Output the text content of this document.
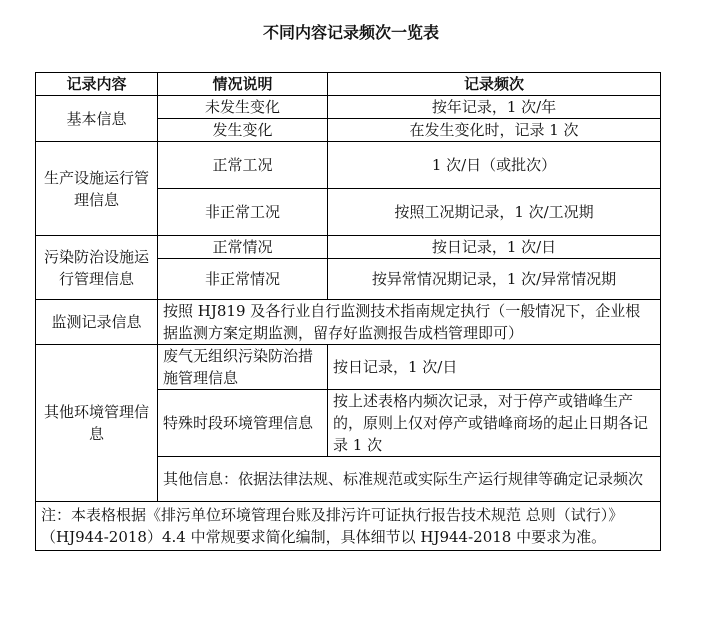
不同内容记录频次一览表
记录内容	情况说明	记录频次
基本信息	未发生变化	按年记录，1 次/年
	发生变化	在发生变化时，记录 1 次
生产设施运行管理信息	正常工况	1 次/日（或批次）
	非正常工况	按照工况期记录，1 次/工况期
污染防治设施运行管理信息	正常情况	按日记录，1 次/日
	非正常情况	按异常情况期记录，1 次/异常情况期
监测记录信息	按照 HJ819 及各行业自行监测技术指南规定执行（一般情况下，企业根据监测方案定期监测，留存好监测报告成档管理即可）	
其他环境管理信息	废气无组织污染防治措施管理信息	按日记录，1 次/日
	特殊时段环境管理信息	按上述表格内频次记录，对于停产或错峰生产的，原则上仅对停产或错峰商场的起止日期各记录 1 次
	其他信息：依据法律法规、标准规范或实际生产运行规律等确定记录频次	
注：本表格根据《排污单位环境管理台账及排污许可证执行报告技术规范 总则（试行）》（HJ944-2018）4.4 中常规要求简化编制，具体细节以 HJ944-2018 中要求为准。		
